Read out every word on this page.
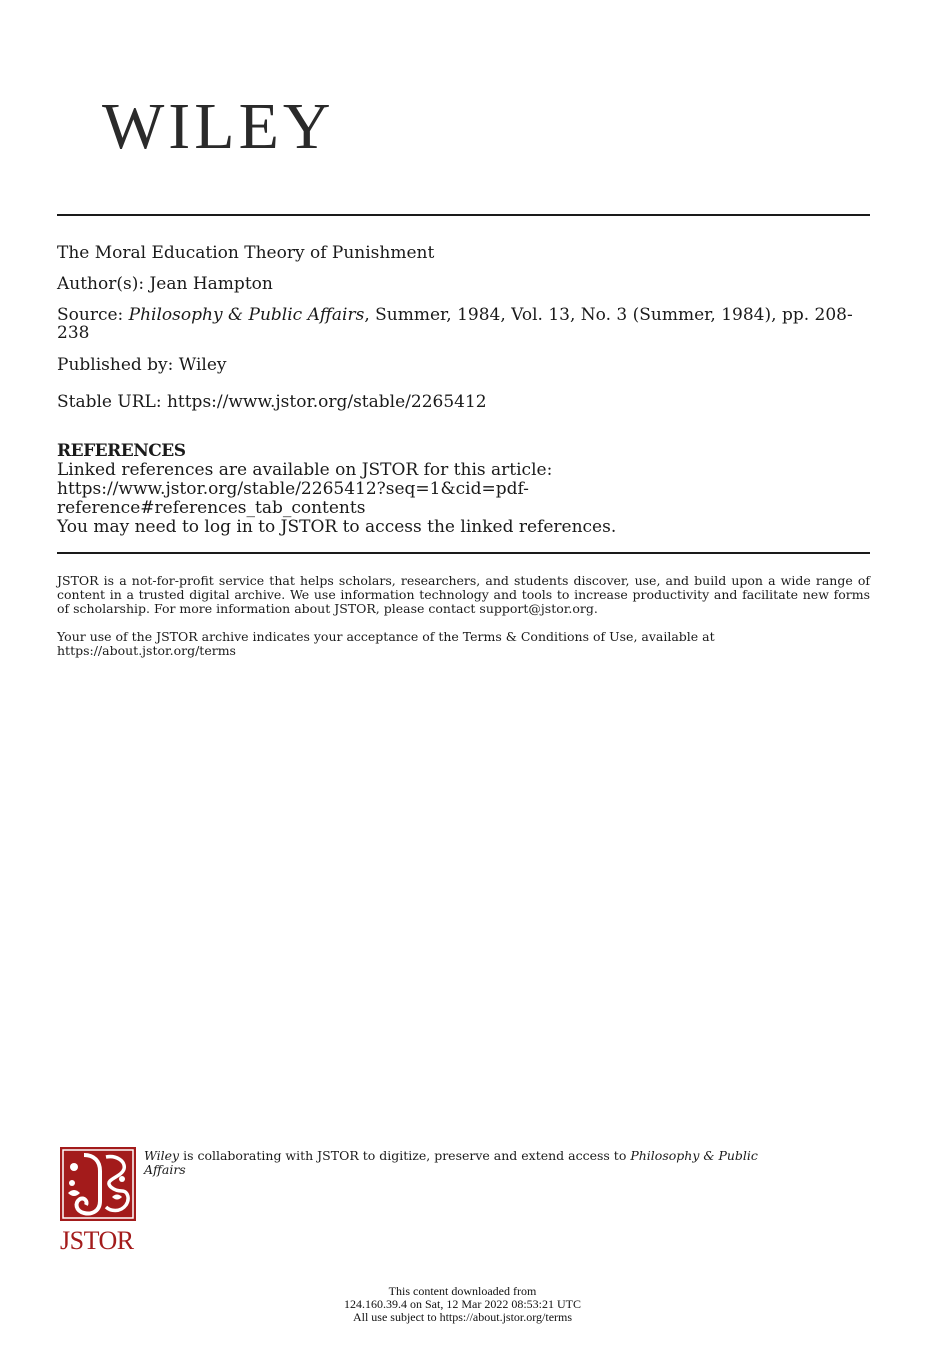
WILEY
The Moral Education Theory of Punishment
Author(s): Jean Hampton
Source: Philosophy & Public Affairs, Summer, 1984, Vol. 13, No. 3 (Summer, 1984), pp. 208-238
Published by: Wiley
Stable URL: https://www.jstor.org/stable/2265412
REFERENCES
Linked references are available on JSTOR for this article:
https://www.jstor.org/stable/2265412?seq=1&cid=pdf-
reference#references_tab_contents
You may need to log in to JSTOR to access the linked references.
JSTOR is a not-for-profit service that helps scholars, researchers, and students discover, use, and build upon a wide range of content in a trusted digital archive. We use information technology and tools to increase productivity and facilitate new forms of scholarship. For more information about JSTOR, please contact support@jstor.org.
Your use of the JSTOR archive indicates your acceptance of the Terms & Conditions of Use, available at
https://about.jstor.org/terms
JSTOR
Wiley is collaborating with JSTOR to digitize, preserve and extend access to Philosophy & Public Affairs
This content downloaded from
124.160.39.4 on Sat, 12 Mar 2022 08:53:21 UTC
All use subject to https://about.jstor.org/terms
